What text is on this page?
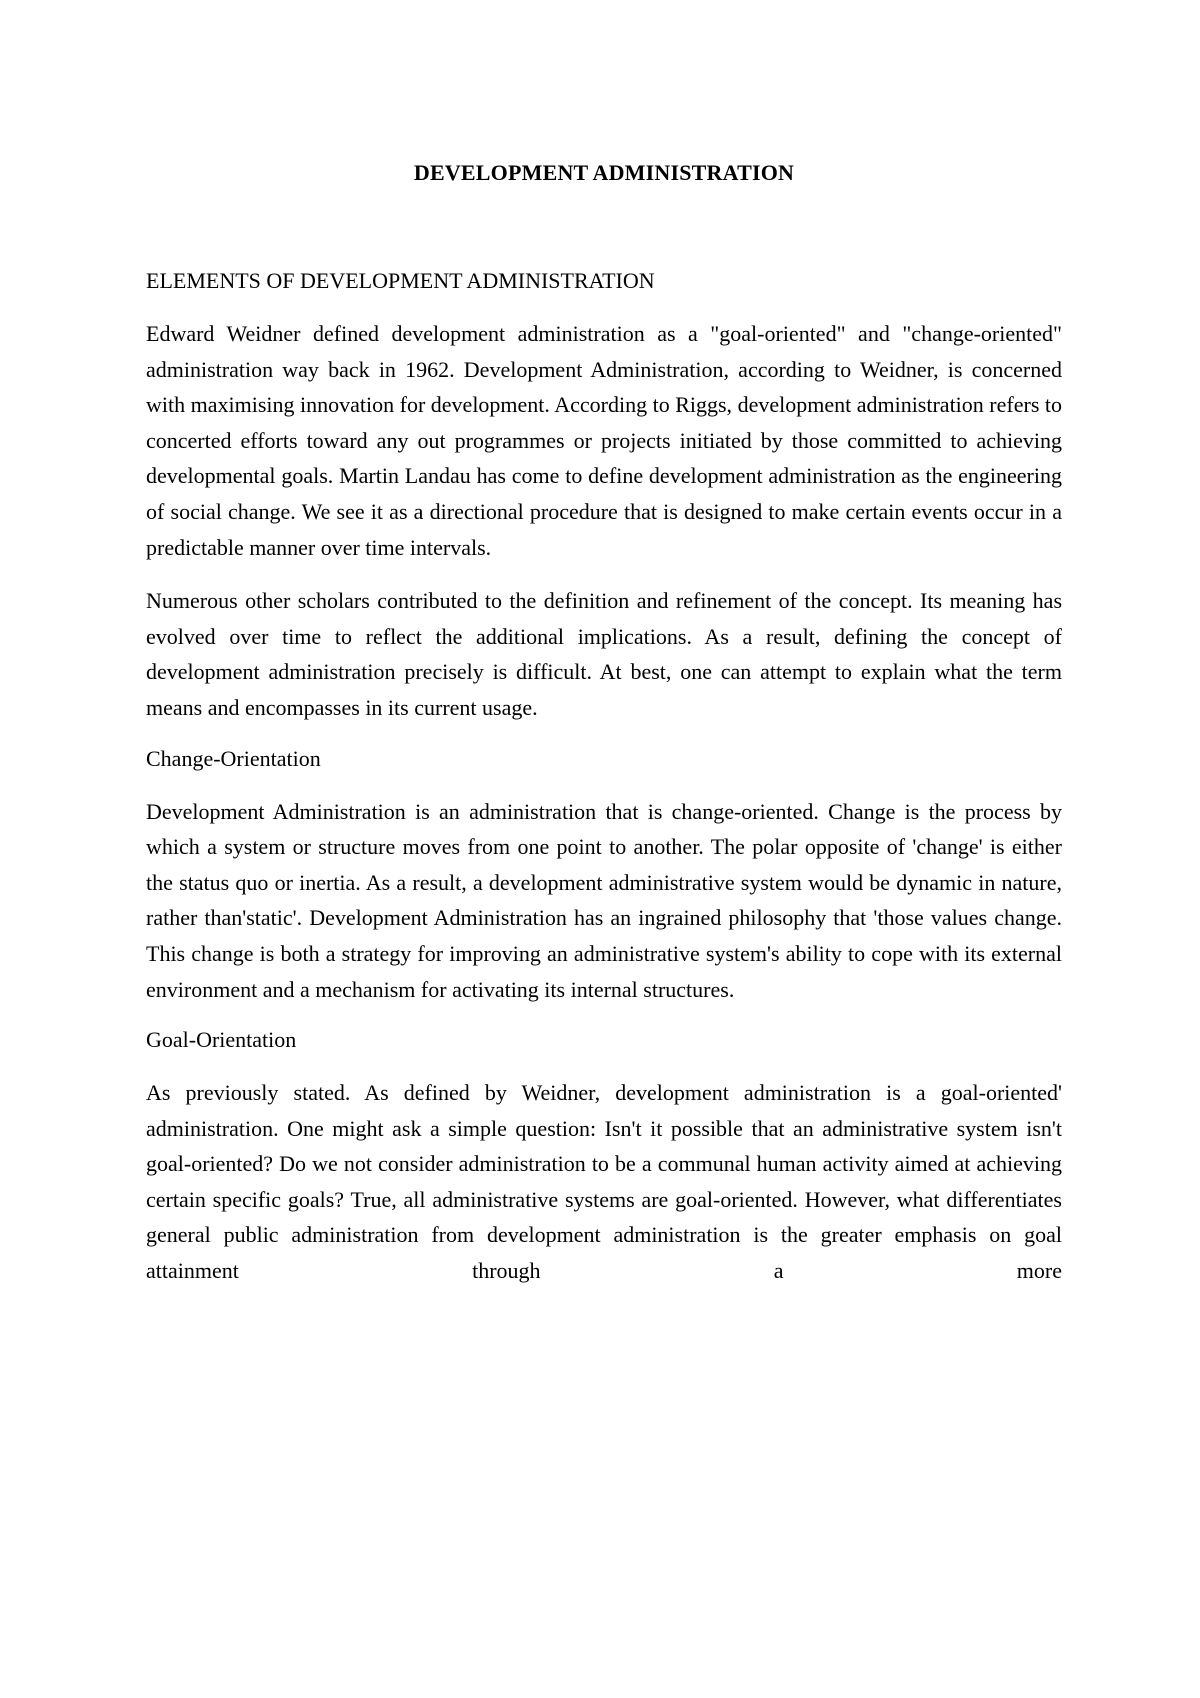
DEVELOPMENT ADMINISTRATION

ELEMENTS OF DEVELOPMENT ADMINISTRATION

Edward Weidner defined development administration as a "goal-oriented" and "change-oriented" administration way back in 1962. Development Administration, according to Weidner, is concerned with maximising innovation for development. According to Riggs, development administration refers to concerted efforts toward any out programmes or projects initiated by those committed to achieving developmental goals. Martin Landau has come to define development administration as the engineering of social change. We see it as a directional procedure that is designed to make certain events occur in a predictable manner over time intervals.

Numerous other scholars contributed to the definition and refinement of the concept. Its meaning has evolved over time to reflect the additional implications. As a result, defining the concept of development administration precisely is difficult. At best, one can attempt to explain what the term means and encompasses in its current usage.

Change-Orientation

Development Administration is an administration that is change-oriented. Change is the process by which a system or structure moves from one point to another. The polar opposite of 'change' is either the status quo or inertia. As a result, a development administrative system would be dynamic in nature, rather than'static'. Development Administration has an ingrained philosophy that 'those values change. This change is both a strategy for improving an administrative system's ability to cope with its external environment and a mechanism for activating its internal structures.

Goal-Orientation

As previously stated. As defined by Weidner, development administration is a goal-oriented' administration. One might ask a simple question: Isn't it possible that an administrative system isn't goal-oriented? Do we not consider administration to be a communal human activity aimed at achieving certain specific goals? True, all administrative systems are goal-oriented. However, what differentiates general public administration from development administration is the greater emphasis on goal attainment through a more
